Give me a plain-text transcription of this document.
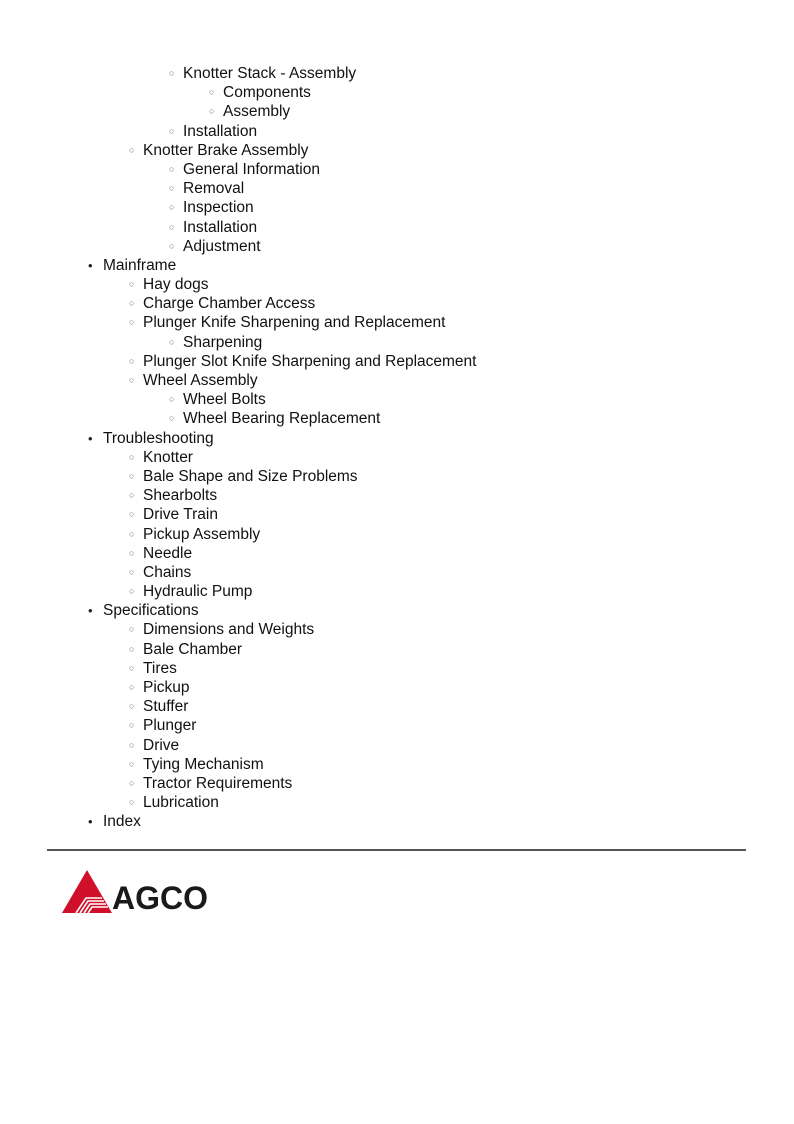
○ Knotter Stack - Assembly
○ Components
○ Assembly
○ Installation
○ Knotter Brake Assembly
○ General Information
○ Removal
○ Inspection
○ Installation
○ Adjustment
• Mainframe
○ Hay dogs
○ Charge Chamber Access
○ Plunger Knife Sharpening and Replacement
○ Sharpening
○ Plunger Slot Knife Sharpening and Replacement
○ Wheel Assembly
○ Wheel Bolts
○ Wheel Bearing Replacement
• Troubleshooting
○ Knotter
○ Bale Shape and Size Problems
○ Shearbolts
○ Drive Train
○ Pickup Assembly
○ Needle
○ Chains
○ Hydraulic Pump
• Specifications
○ Dimensions and Weights
○ Bale Chamber
○ Tires
○ Pickup
○ Stuffer
○ Plunger
○ Drive
○ Tying Mechanism
○ Tractor Requirements
○ Lubrication
• Index
AGCO
